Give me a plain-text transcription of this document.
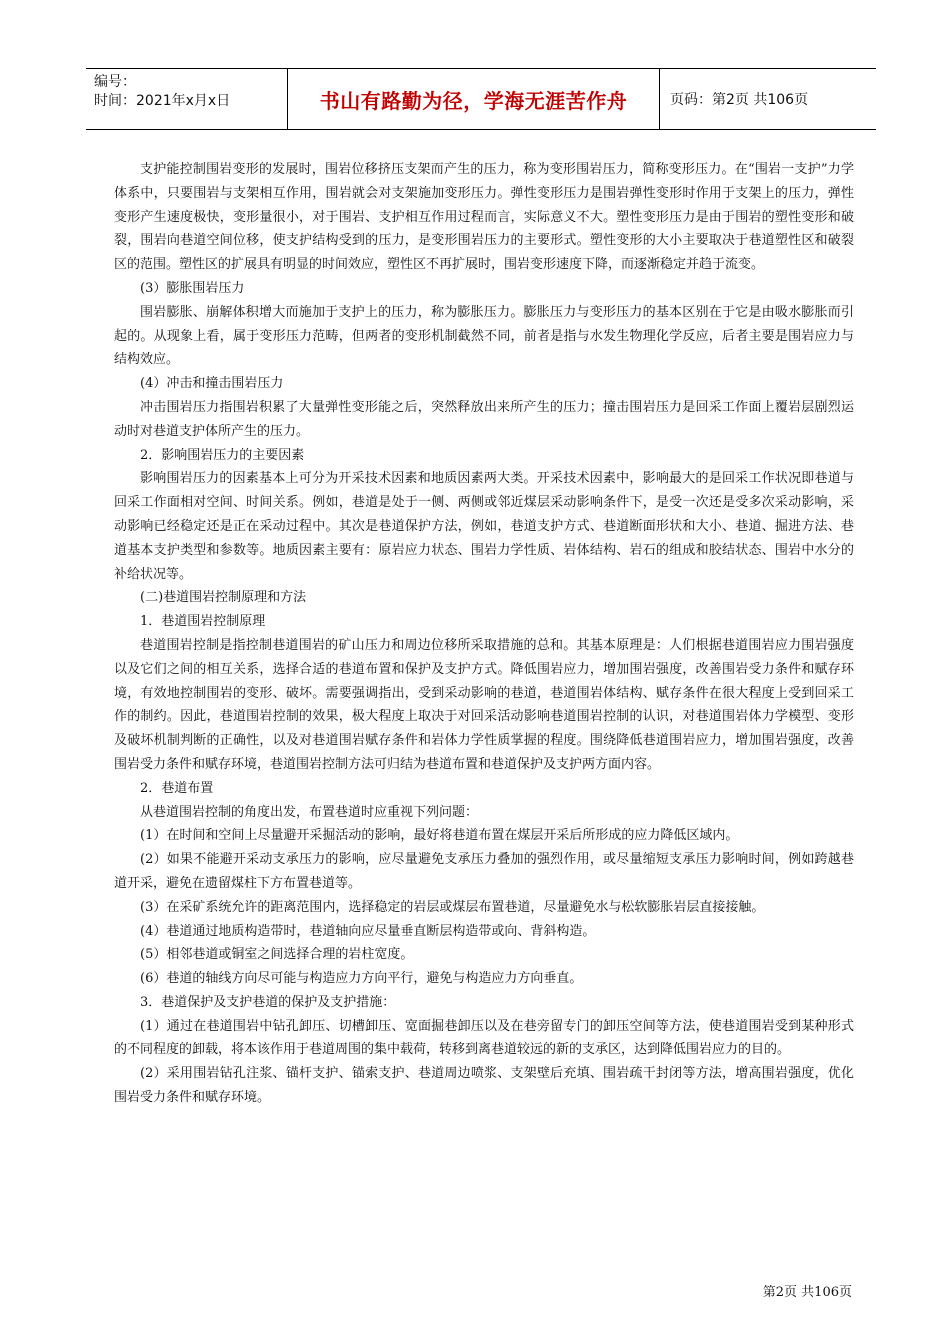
编号：
时间：2021年x月x日	书山有路勤为径，学海无涯苦作舟	页码：第2页 共106页

支护能控制围岩变形的发展时，围岩位移挤压支架而产生的压力，称为变形围岩压力，简称变形压力。在“围岩一支护”力学体系中，只要围岩与支架相互作用，围岩就会对支架施加变形压力。弹性变形压力是围岩弹性变形时作用于支架上的压力，弹性变形产生速度极快，变形量很小，对于围岩、支护相互作用过程而言，实际意义不大。塑性变形压力是由于围岩的塑性变形和破裂，围岩向巷道空间位移，使支护结构受到的压力，是变形围岩压力的主要形式。塑性变形的大小主要取决于巷道塑性区和破裂区的范围。塑性区的扩展具有明显的时间效应，塑性区不再扩展时，围岩变形速度下降，而逐渐稳定并趋于流变。

(3）膨胀围岩压力

围岩膨胀、崩解体积增大而施加于支护上的压力，称为膨胀压力。膨胀压力与变形压力的基本区别在于它是由吸水膨胀而引起的。从现象上看，属于变形压力范畴，但两者的变形机制截然不同，前者是指与水发生物理化学反应，后者主要是围岩应力与结构效应。

(4）冲击和撞击围岩压力

冲击围岩压力指围岩积累了大量弹性变形能之后，突然释放出来所产生的压力；撞击围岩压力是回采工作面上覆岩层剧烈运动时对巷道支护体所产生的压力。

2．影响围岩压力的主要因素

影响围岩压力的因素基本上可分为开采技术因素和地质因素两大类。开采技术因素中，影响最大的是回采工作状况即巷道与回采工作面相对空间、时间关系。例如，巷道是处于一侧、两侧或邻近煤层采动影响条件下，是受一次还是受多次采动影响，采动影响已经稳定还是正在采动过程中。其次是巷道保护方法，例如，巷道支护方式、巷道断面形状和大小、巷道、掘进方法、巷道基本支护类型和参数等。地质因素主要有：原岩应力状态、围岩力学性质、岩体结构、岩石的组成和胶结状态、围岩中水分的补给状况等。

(二)巷道围岩控制原理和方法

1．巷道围岩控制原理

巷道围岩控制是指控制巷道围岩的矿山压力和周边位移所采取措施的总和。其基本原理是：人们根据巷道围岩应力围岩强度以及它们之间的相互关系，选择合适的巷道布置和保护及支护方式。降低围岩应力，增加围岩强度，改善围岩受力条件和赋存环境，有效地控制围岩的变形、破坏。需要强调指出，受到采动影响的巷道，巷道围岩体结构、赋存条件在很大程度上受到回采工作的制约。因此，巷道围岩控制的效果，极大程度上取决于对回采活动影响巷道围岩控制的认识，对巷道围岩体力学模型、变形及破坏机制判断的正确性，以及对巷道围岩赋存条件和岩体力学性质掌握的程度。围绕降低巷道围岩应力，增加围岩强度，改善围岩受力条件和赋存环境，巷道围岩控制方法可归结为巷道布置和巷道保护及支护两方面内容。

2．巷道布置

从巷道围岩控制的角度出发，布置巷道时应重视下列问题：

(1）在时间和空间上尽量避开采掘活动的影响，最好将巷道布置在煤层开采后所形成的应力降低区域内。

(2）如果不能避开采动支承压力的影响，应尽量避免支承压力叠加的强烈作用，或尽量缩短支承压力影响时间，例如跨越巷道开采，避免在遗留煤柱下方布置巷道等。

(3）在采矿系统允许的距离范围内，选择稳定的岩层或煤层布置巷道，尽量避免水与松软膨胀岩层直接接触。

(4）巷道通过地质构造带时，巷道轴向应尽量垂直断层构造带或向、背斜构造。

(5）相邻巷道或铜室之间选择合理的岩柱宽度。

(6）巷道的轴线方向尽可能与构造应力方向平行，避免与构造应力方向垂直。

3．巷道保护及支护巷道的保护及支护措施：

(1）通过在巷道围岩中钻孔卸压、切槽卸压、宽面掘巷卸压以及在巷旁留专门的卸压空间等方法，使巷道围岩受到某种形式的不同程度的卸载，将本该作用于巷道周围的集中载荷，转移到离巷道较远的新的支承区，达到降低围岩应力的目的。

(2）采用围岩钻孔注浆、锚杆支护、锚索支护、巷道周边喷浆、支架壁后充填、围岩疏干封闭等方法，增高围岩强度，优化围岩受力条件和赋存环境。

第2页 共106页
